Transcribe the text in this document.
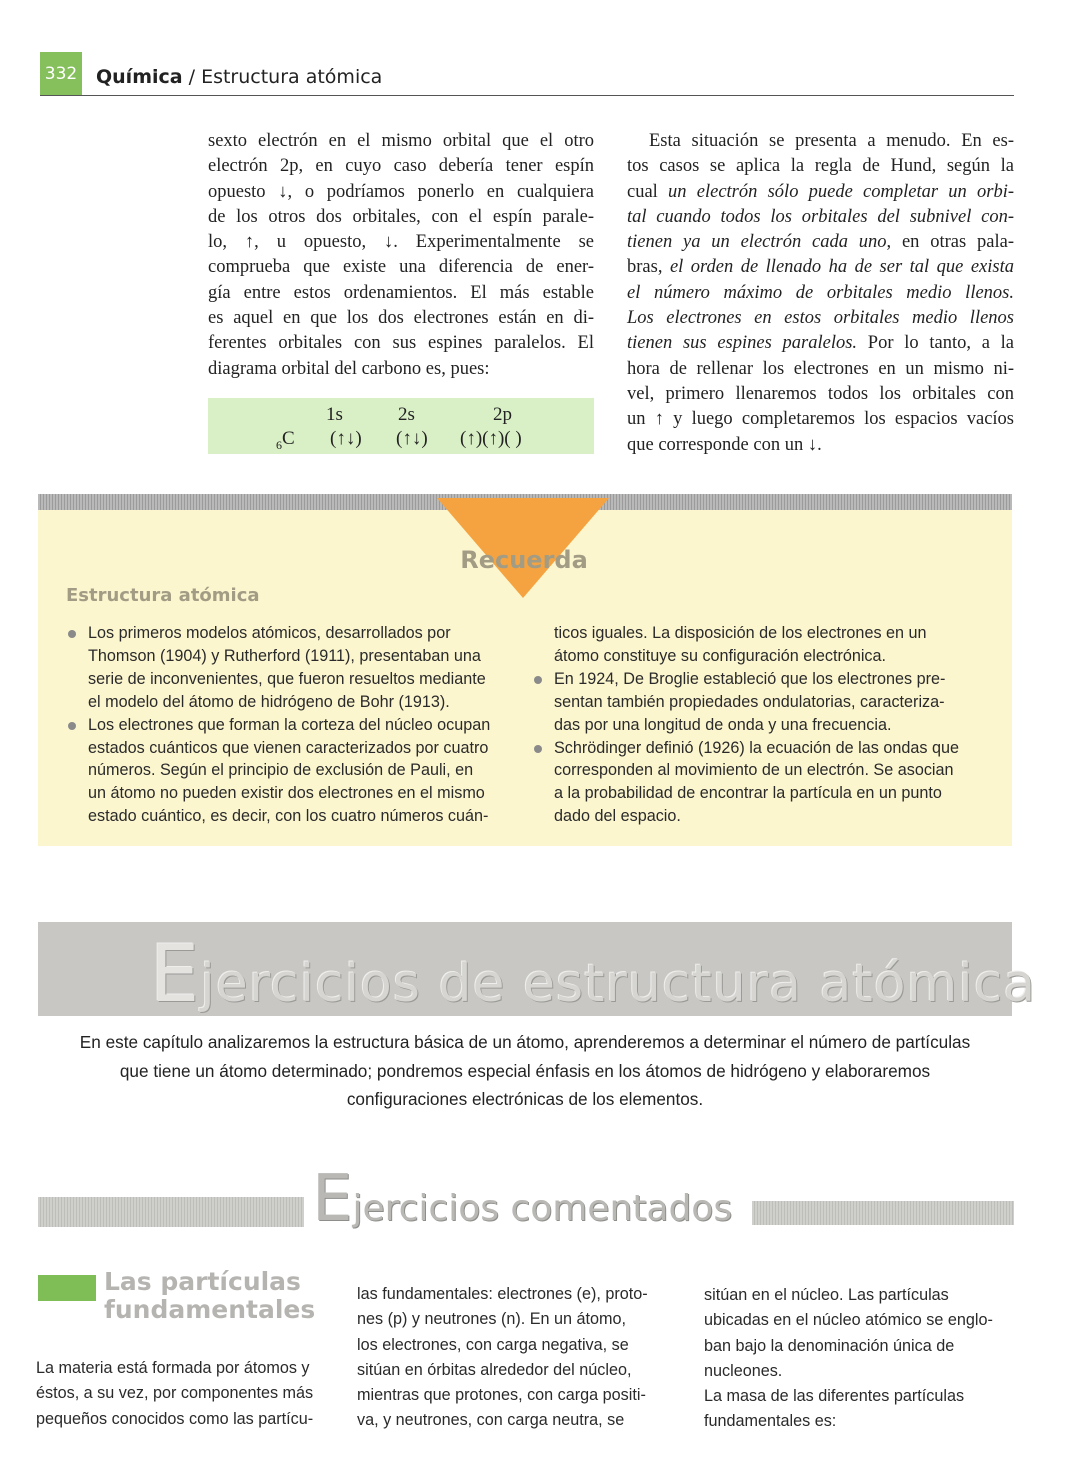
332 Química / Estructura atómica
sexto electrón en el mismo orbital que el otro
electrón 2p, en cuyo caso debería tener espín
opuesto ↓, o podríamos ponerlo en cualquiera
de los otros dos orbitales, con el espín parale-
lo, ↑, u opuesto, ↓. Experimentalmente se
comprueba que existe una diferencia de ener-
gía entre estos ordenamientos. El más estable
es aquel en que los dos electrones están en di-
ferentes orbitales con sus espines paralelos. El
diagrama orbital del carbono es, pues:
1s	2s	2p
$_6$C (↑↓) (↑↓) (↑)(↑)( )
Esta situación se presenta a menudo. En es-
tos casos se aplica la regla de Hund, según la
cual un electrón sólo puede completar un orbi-
tal cuando todos los orbitales del subnivel con-
tienen ya un electrón cada uno, en otras pala-
bras, el orden de llenado ha de ser tal que exista
el número máximo de orbitales medio llenos.
Los electrones en estos orbitales medio llenos
tienen sus espines paralelos. Por lo tanto, a la
hora de rellenar los electrones en un mismo ni-
vel, primero llenaremos todos los orbitales con
un ↑ y luego completaremos los espacios vacíos
que corresponde con un ↓.
Recuerda
Estructura atómica
Los primeros modelos atómicos, desarrollados por
Thomson (1904) y Rutherford (1911), presentaban una
serie de inconvenientes, que fueron resueltos mediante
el modelo del átomo de hidrógeno de Bohr (1913).
Los electrones que forman la corteza del núcleo ocupan
estados cuánticos que vienen caracterizados por cuatro
números. Según el principio de exclusión de Pauli, en
un átomo no pueden existir dos electrones en el mismo
estado cuántico, es decir, con los cuatro números cuán-
ticos iguales. La disposición de los electrones en un
átomo constituye su configuración electrónica.
En 1924, De Broglie estableció que los electrones pre-
sentan también propiedades ondulatorias, caracteriza-
das por una longitud de onda y una frecuencia.
Schrödinger definió (1926) la ecuación de las ondas que
corresponden al movimiento de un electrón. Se asocian
a la probabilidad de encontrar la partícula en un punto
dado del espacio.
Ejercicios de estructura atómica
En este capítulo analizaremos la estructura básica de un átomo, aprenderemos a determinar el número de partículas
que tiene un átomo determinado; pondremos especial énfasis en los átomos de hidrógeno y elaboraremos
configuraciones electrónicas de los elementos.
Ejercicios comentados
Las partículas
fundamentales
La materia está formada por átomos y
éstos, a su vez, por componentes más
pequeños conocidos como las partícu-
las fundamentales: electrones (e), proto-
nes (p) y neutrones (n). En un átomo,
los electrones, con carga negativa, se
sitúan en órbitas alrededor del núcleo,
mientras que protones, con carga positi-
va, y neutrones, con carga neutra, se
sitúan en el núcleo. Las partículas
ubicadas en el núcleo atómico se englo-
ban bajo la denominación única de
nucleones.
La masa de las diferentes partículas
fundamentales es:
